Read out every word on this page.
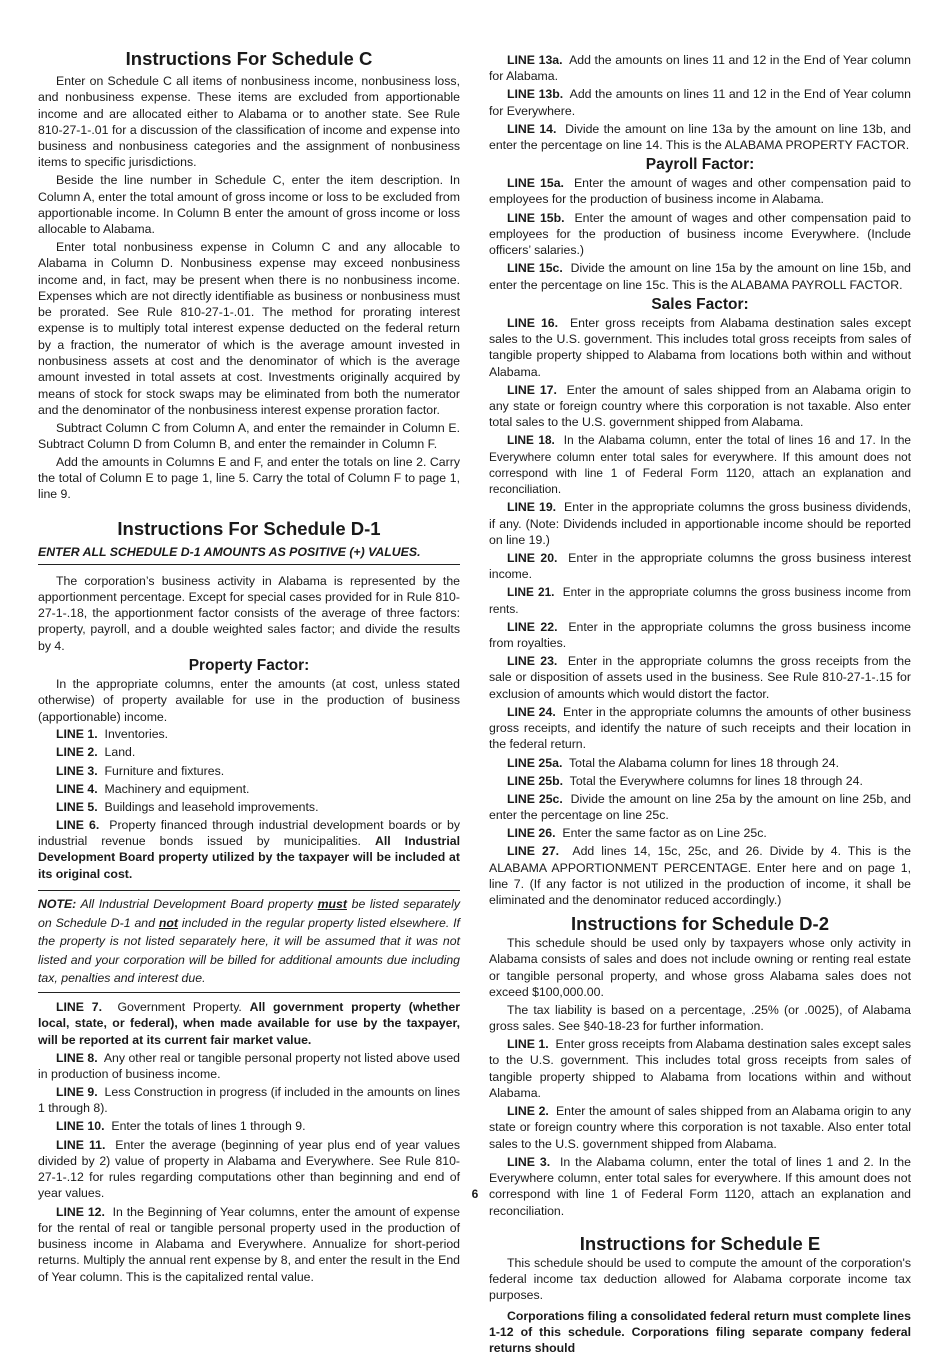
Instructions For Schedule C

Enter on Schedule C all items of nonbusiness income, nonbusiness loss, and nonbusiness expense. These items are excluded from apportionable income and are allocated either to Alabama or to another state. See Rule 810-27-1-.01 for a discussion of the classification of income and expense into business and nonbusiness categories and the assignment of nonbusiness items to specific jurisdictions.

Beside the line number in Schedule C, enter the item description. In Column A, enter the total amount of gross income or loss to be excluded from apportionable income. In Column B enter the amount of gross income or loss allocable to Alabama.

Enter total nonbusiness expense in Column C and any allocable to Alabama in Column D. Nonbusiness expense may exceed nonbusiness income and, in fact, may be present when there is no nonbusiness income. Expenses which are not directly identifiable as business or nonbusiness must be prorated. See Rule 810-27-1-.01. The method for prorating interest expense is to multiply total interest expense deducted on the federal return by a fraction, the numerator of which is the average amount invested in nonbusiness assets at cost and the denominator of which is the average amount invested in total assets at cost. Investments originally acquired by means of stock for stock swaps may be eliminated from both the numerator and the denominator of the nonbusiness interest expense proration factor.

Subtract Column C from Column A, and enter the remainder in Column E. Subtract Column D from Column B, and enter the remainder in Column F.

Add the amounts in Columns E and F, and enter the totals on line 2. Carry the total of Column E to page 1, line 5. Carry the total of Column F to page 1, line 9.

Instructions For Schedule D-1
ENTER ALL SCHEDULE D-1 AMOUNTS AS POSITIVE (+) VALUES.

The corporation’s business activity in Alabama is represented by the apportionment percentage. Except for special cases provided for in Rule 810-27-1-.18, the apportionment factor consists of the average of three factors: property, payroll, and a double weighted sales factor; and divide the results by 4.

Property Factor:

In the appropriate columns, enter the amounts (at cost, unless stated otherwise) of property available for use in the production of business (apportionable) income.

LINE 1. Inventories.
LINE 2. Land.
LINE 3. Furniture and fixtures.
LINE 4. Machinery and equipment.
LINE 5. Buildings and leasehold improvements.
LINE 6. Property financed through industrial development boards or by industrial revenue bonds issued by municipalities. All Industrial Development Board property utilized by the taxpayer will be included at its original cost.
NOTE: All Industrial Development Board property must be listed separately on Schedule D-1 and not included in the regular property listed elsewhere. If the property is not listed separately here, it will be assumed that it was not listed and your corporation will be billed for additional amounts due including tax, penalties and interest due.
LINE 7. Government Property. All government property (whether local, state, or federal), when made available for use by the taxpayer, will be reported at its current fair market value.
LINE 8. Any other real or tangible personal property not listed above used in production of business income.
LINE 9. Less Construction in progress (if included in the amounts on lines 1 through 8).
LINE 10. Enter the totals of lines 1 through 9.
LINE 11. Enter the average (beginning of year plus end of year values divided by 2) value of property in Alabama and Everywhere. See Rule 810-27-1-.12 for rules regarding computations other than beginning and end of year values.
LINE 12. In the Beginning of Year columns, enter the amount of expense for the rental of real or tangible personal property used in the production of business income in Alabama and Everywhere. Annualize for short-period returns. Multiply the annual rent expense by 8, and enter the result in the End of Year column. This is the capitalized rental value.
LINE 13a. Add the amounts on lines 11 and 12 in the End of Year column for Alabama.
LINE 13b. Add the amounts on lines 11 and 12 in the End of Year column for Everywhere.
LINE 14. Divide the amount on line 13a by the amount on line 13b, and enter the percentage on line 14. This is the ALABAMA PROPERTY FACTOR.
Payroll Factor:
LINE 15a. Enter the amount of wages and other compensation paid to employees for the production of business income in Alabama.
LINE 15b. Enter the amount of wages and other compensation paid to employees for the production of business income Everywhere. (Include officers’ salaries.)
LINE 15c. Divide the amount on line 15a by the amount on line 15b, and enter the percentage on line 15c. This is the ALABAMA PAYROLL FACTOR.
Sales Factor:
LINE 16. Enter gross receipts from Alabama destination sales except sales to the U.S. government. This includes total gross receipts from sales of tangible property shipped to Alabama from locations both within and without Alabama.
LINE 17. Enter the amount of sales shipped from an Alabama origin to any state or foreign country where this corporation is not taxable. Also enter total sales to the U.S. government shipped from Alabama.
LINE 18. In the Alabama column, enter the total of lines 16 and 17. In the Everywhere column enter total sales for everywhere. If this amount does not correspond with line 1 of Federal Form 1120, attach an explanation and reconciliation.
LINE 19. Enter in the appropriate columns the gross business dividends, if any. (Note: Dividends included in apportionable income should be reported on line 19.)
LINE 20. Enter in the appropriate columns the gross business interest income.
LINE 21. Enter in the appropriate columns the gross business income from rents.
LINE 22. Enter in the appropriate columns the gross business income from royalties.
LINE 23. Enter in the appropriate columns the gross receipts from the sale or disposition of assets used in the business. See Rule 810-27-1-.15 for exclusion of amounts which would distort the factor.
LINE 24. Enter in the appropriate columns the amounts of other business gross receipts, and identify the nature of such receipts and their location in the federal return.
LINE 25a. Total the Alabama column for lines 18 through 24.
LINE 25b. Total the Everywhere columns for lines 18 through 24.
LINE 25c. Divide the amount on line 25a by the amount on line 25b, and enter the percentage on line 25c.
LINE 26. Enter the same factor as on Line 25c.
LINE 27. Add lines 14, 15c, 25c, and 26. Divide by 4. This is the ALABAMA APPORTIONMENT PERCENTAGE. Enter here and on page 1, line 7. (If any factor is not utilized in the production of income, it shall be eliminated and the denominator reduced accordingly.)
Instructions for Schedule D-2

This schedule should be used only by taxpayers whose only activity in Alabama consists of sales and does not include owning or renting real estate or tangible personal property, and whose gross Alabama sales does not exceed $100,000.00.

The tax liability is based on a percentage, .25% (or .0025), of Alabama gross sales. See §40-18-23 for further information.

LINE 1. Enter gross receipts from Alabama destination sales except sales to the U.S. government. This includes total gross receipts from sales of tangible property shipped to Alabama from locations within and without Alabama.
LINE 2. Enter the amount of sales shipped from an Alabama origin to any state or foreign country where this corporation is not taxable. Also enter total sales to the U.S. government shipped from Alabama.
LINE 3. In the Alabama column, enter the total of lines 1 and 2. In the Everywhere column, enter total sales for everywhere. If this amount does not correspond with line 1 of Federal Form 1120, attach an explanation and reconciliation.
Instructions for Schedule E

This schedule should be used to compute the amount of the corporation's federal income tax deduction allowed for Alabama corporate income tax purposes.

Corporations filing a consolidated federal return must complete lines 1-12 of this schedule. Corporations filing separate company federal returns should

6
